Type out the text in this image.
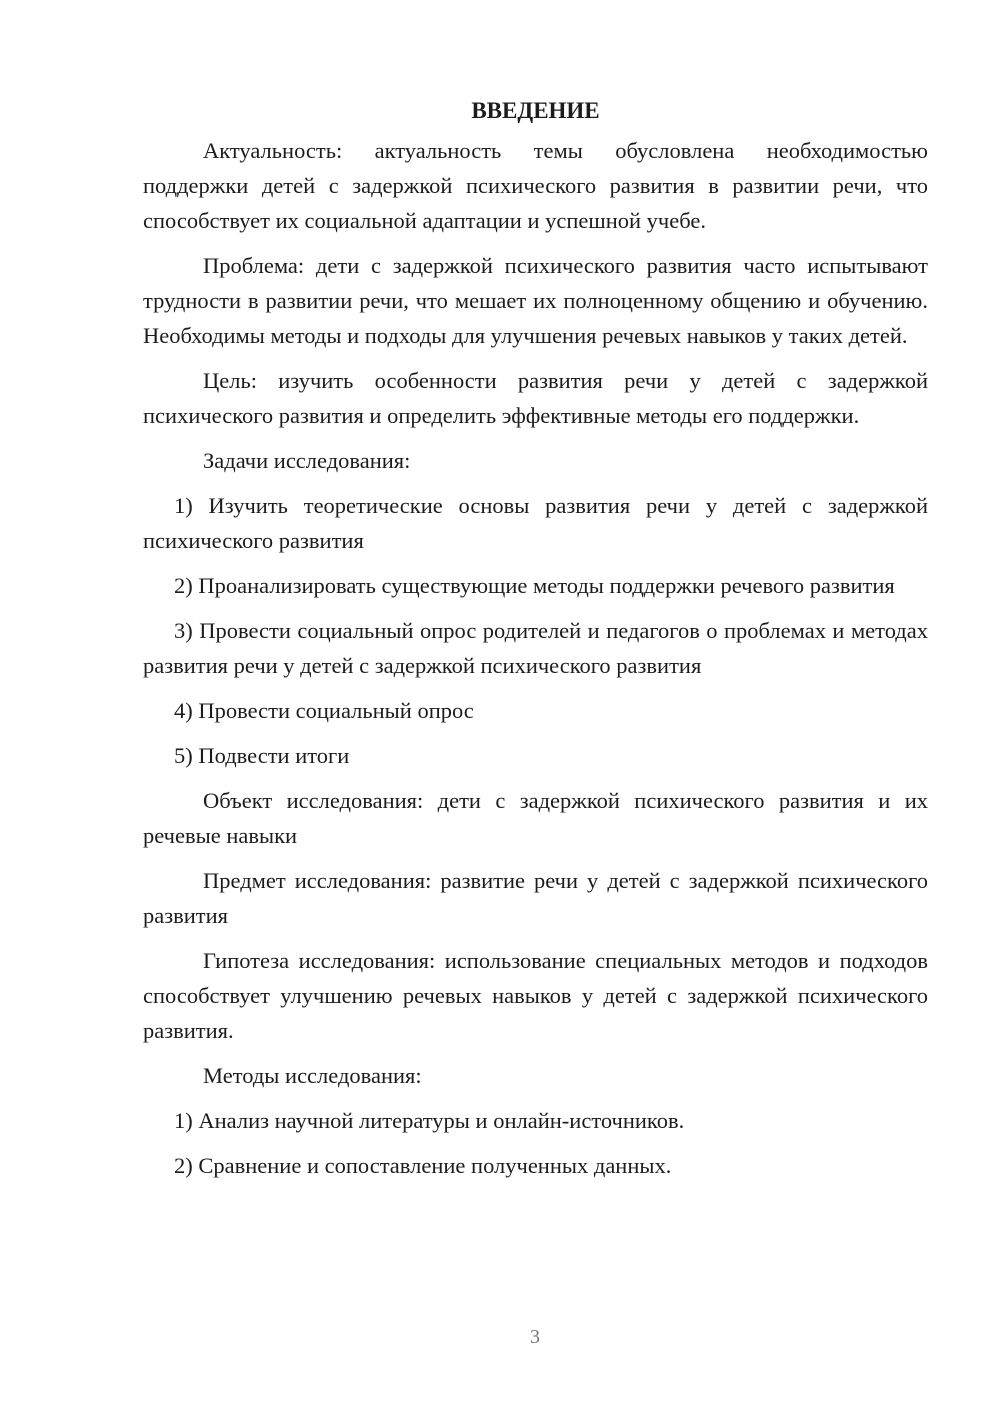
ВВЕДЕНИЕ

Актуальность: актуальность темы обусловлена необходимостью поддержки детей с задержкой психического развития в развитии речи, что способствует их социальной адаптации и успешной учебе.

Проблема: дети с задержкой психического развития часто испытывают трудности в развитии речи, что мешает их полноценному общению и обучению. Необходимы методы и подходы для улучшения речевых навыков у таких детей.

Цель: изучить особенности развития речи у детей с задержкой психического развития и определить эффективные методы его поддержки.

Задачи исследования:

1) Изучить теоретические основы развития речи у детей с задержкой психического развития

2) Проанализировать существующие методы поддержки речевого развития

3) Провести социальный опрос родителей и педагогов о проблемах и методах развития речи у детей с задержкой психического развития

4) Провести социальный опрос

5) Подвести итоги

Объект исследования: дети с задержкой психического развития и их речевые навыки

Предмет исследования: развитие речи у детей с задержкой психического развития

Гипотеза исследования: использование специальных методов и подходов способствует улучшению речевых навыков у детей с задержкой психического развития.

Методы исследования:

1) Анализ научной литературы и онлайн-источников.

2) Сравнение и сопоставление полученных данных.

3
